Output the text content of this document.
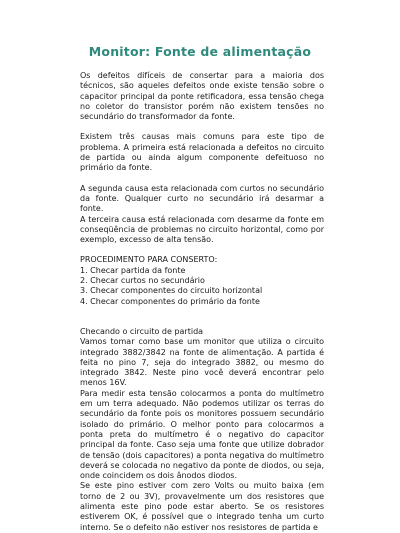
Monitor: Fonte de alimentação

Os defeitos difíceis de consertar para a maioria dos técnicos, são aqueles defeitos onde existe tensão sobre o capacitor principal da ponte retificadora, essa tensão chega no coletor do transistor porém não existem tensões no secundário do transformador da fonte.

Existem três causas mais comuns para este tipo de problema. A primeira está relacionada a defeitos no circuito de partida ou ainda algum componente defeituoso no primário da fonte.

A segunda causa esta relacionada com curtos no secundário da fonte. Qualquer curto no secundário irá desarmar a fonte.

A terceira causa está relacionada com desarme da fonte em conseqüência de problemas no circuito horizontal, como por exemplo, excesso de alta tensão.

PROCEDIMENTO PARA CONSERTO:
1. Checar partida da fonte
2. Checar curtos no secundário
3. Checar componentes do circuito horizontal
4. Checar componentes do primário da fonte
Checando o circuito de partida

Vamos tomar como base um monitor que utiliza o circuito integrado 3882/3842 na fonte de alimentação. A partida é feita no pino 7, seja do integrado 3882, ou mesmo do integrado 3842. Neste pino você deverá encontrar pelo menos 16V.

Para medir esta tensão colocarmos a ponta do multímetro em um terra adequado. Não podemos utilizar os terras do secundário da fonte pois os monitores possuem secundário isolado do primário. O melhor ponto para colocarmos a ponta preta do multímetro é o negativo do capacitor principal da fonte. Caso seja uma fonte que utilize dobrador de tensão (dois capacitores) a ponta negativa do multímetro deverá se colocada no negativo da ponte de diodos, ou seja, onde coincidem os dois ânodos diodos.

Se este pino estiver com zero Volts ou muito baixa (em torno de 2 ou 3V), provavelmente um dos resistores que alimenta este pino pode estar aberto. Se os resistores estiverem OK, é possível que o integrado tenha um curto interno. Se o defeito não estiver nos resistores de partida e
